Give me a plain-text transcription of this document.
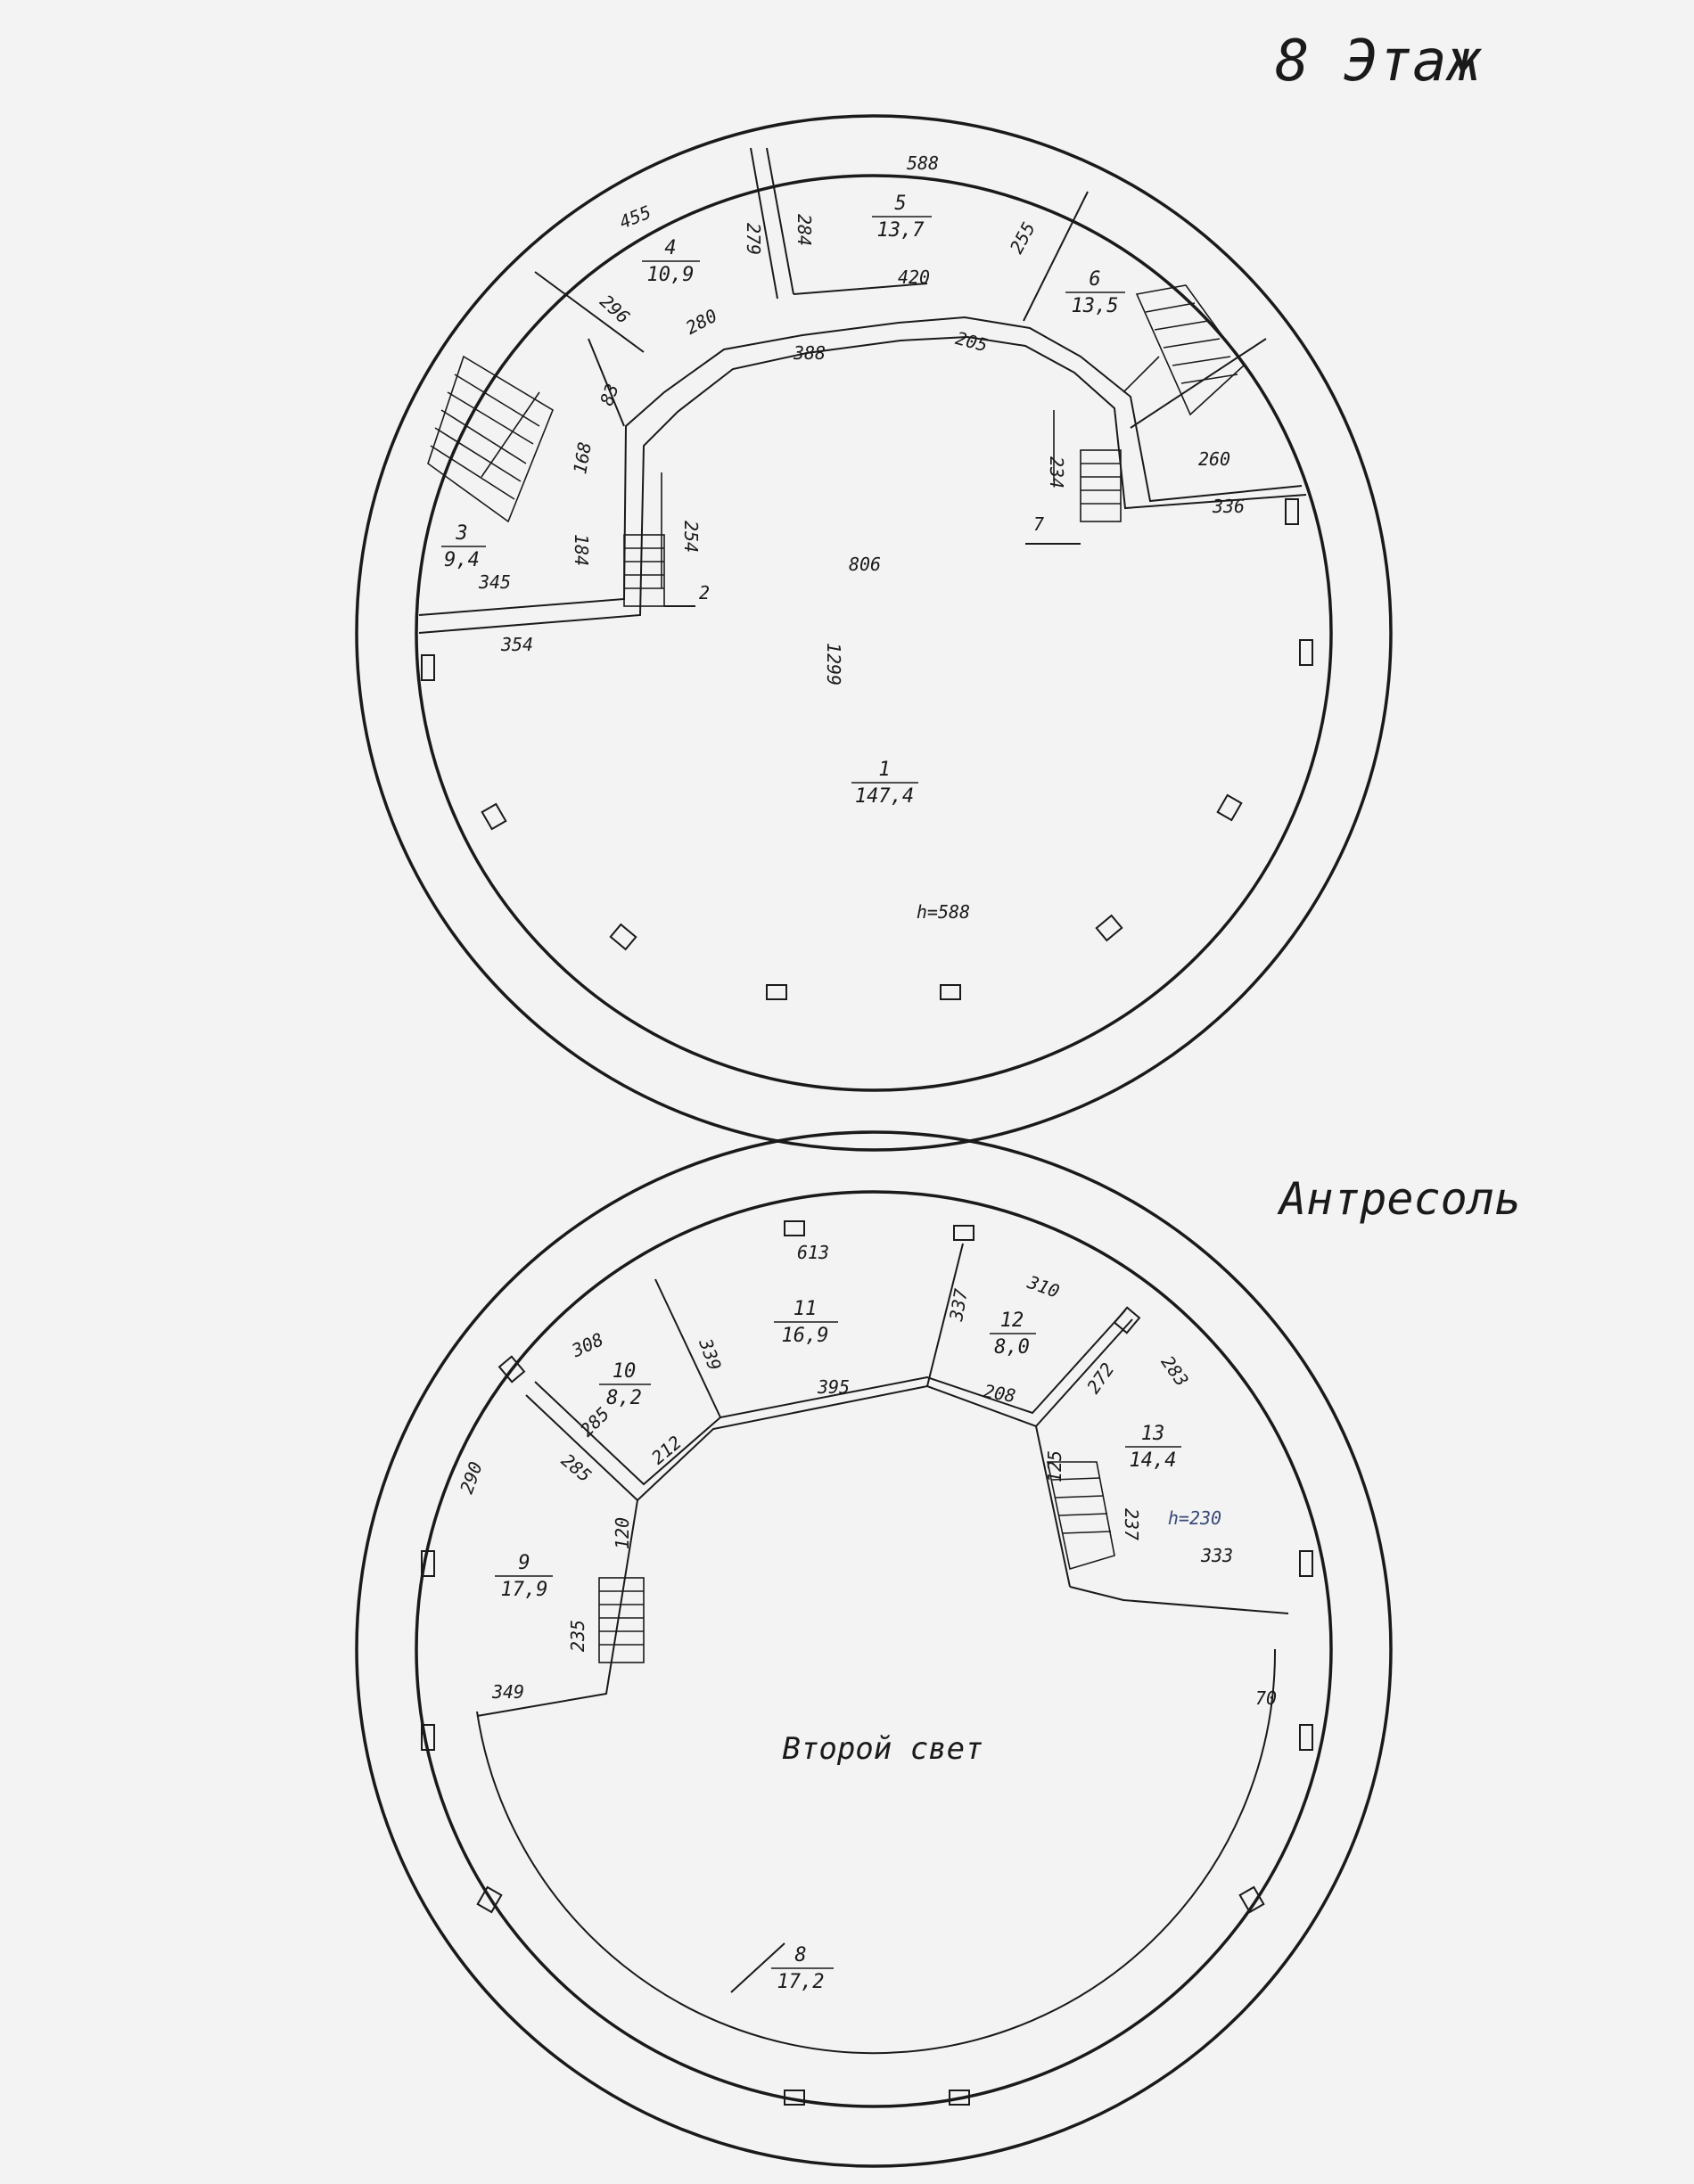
8 Этаж
Антресоль
1
147,4
3
9,4
4
10,9
5
13,7
6
13,5
588
455
279 284	255
420
296	280
388	205
83
168
184	254
234	260
336
345
354
806
1299
2
7
h=588
8
17,2
9
17,9
10
8,2
11
16,9
12
8,0
13
14,4
Второй свет
613
310
337
308	339
395	208	272 283
285
285	212
290
120
125
237
333
235
349	70
h=230
